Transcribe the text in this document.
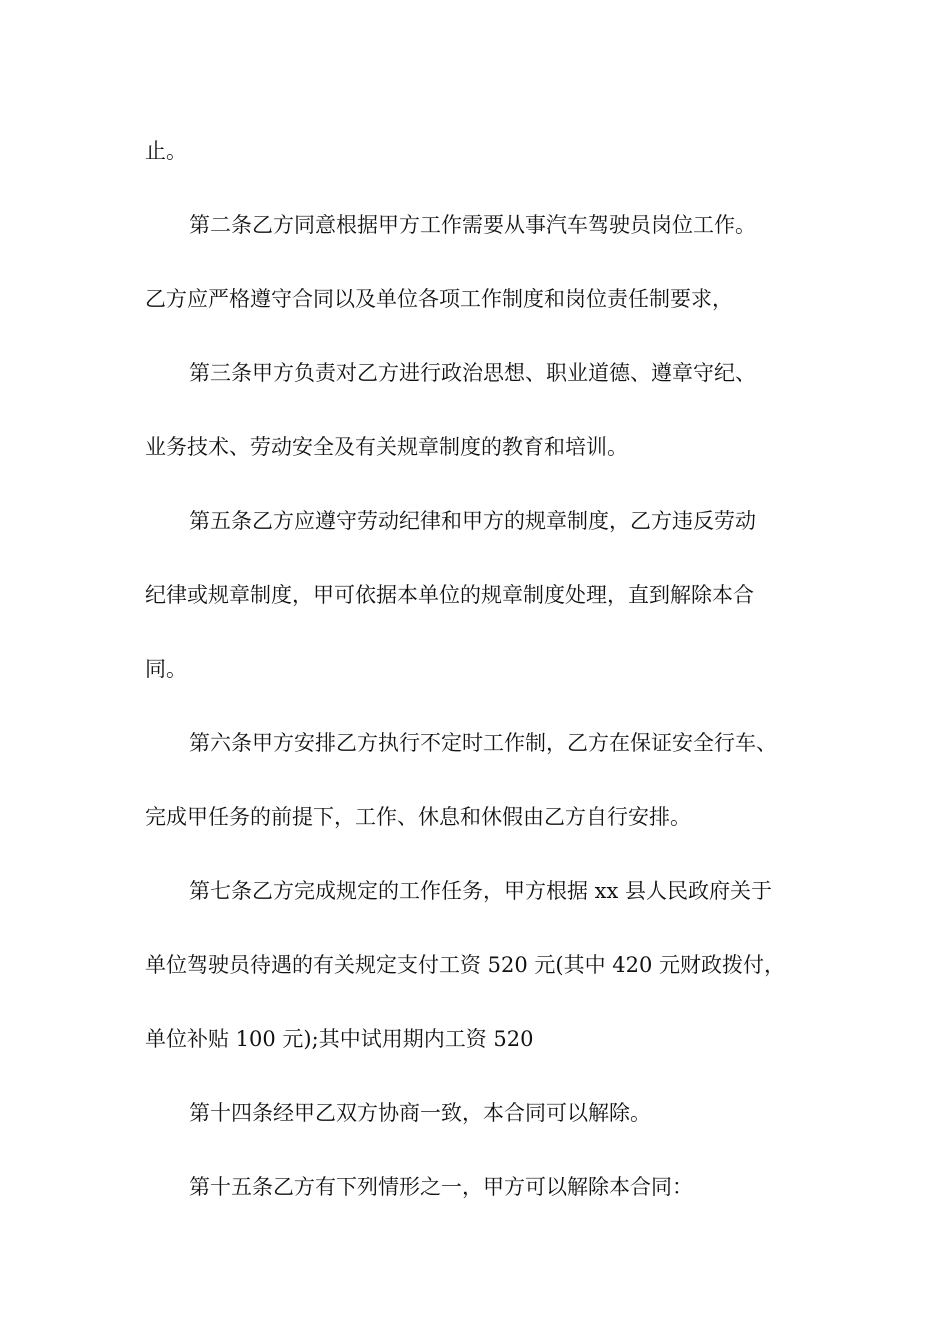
止。

第二条乙方同意根据甲方工作需要从事汽车驾驶员岗位工作。

乙方应严格遵守合同以及单位各项工作制度和岗位责任制要求，

第三条甲方负责对乙方进行政治思想、职业道德、遵章守纪、

业务技术、劳动安全及有关规章制度的教育和培训。

第五条乙方应遵守劳动纪律和甲方的规章制度，乙方违反劳动

纪律或规章制度，甲可依据本单位的规章制度处理，直到解除本合

同。

第六条甲方安排乙方执行不定时工作制，乙方在保证安全行车、

完成甲任务的前提下，工作、休息和休假由乙方自行安排。

第七条乙方完成规定的工作任务，甲方根据 xx 县人民政府关于

单位驾驶员待遇的有关规定支付工资 520 元(其中 420 元财政拨付，

单位补贴 100 元);其中试用期内工资 520

第十四条经甲乙双方协商一致，本合同可以解除。

第十五条乙方有下列情形之一，甲方可以解除本合同：
